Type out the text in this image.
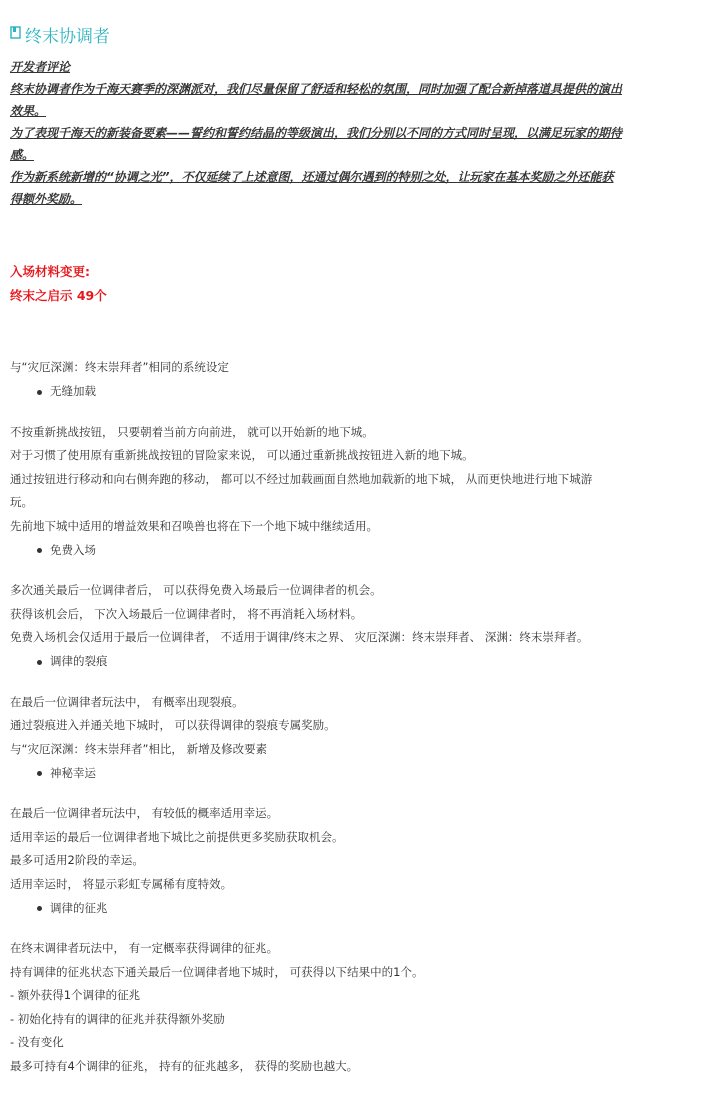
终末协调者

开发者评论

终末协调者作为千海天赛季的深渊派对，我们尽量保留了舒适和轻松的氛围，同时加强了配合新掉落道具提供的演出

效果。

为了表现千海天的新装备要素——誓约和誓约结晶的等级演出，我们分别以不同的方式同时呈现，以满足玩家的期待

感。

作为新系统新增的“协调之光”，不仅延续了上述意图，还通过偶尔遇到的特别之处，让玩家在基本奖励之外还能获

得额外奖励。

入场材料变更:

终末之启示 49个

与“灾厄深渊：终末崇拜者”相同的系统设定

无缝加载

不按重新挑战按钮， 只要朝着当前方向前进， 就可以开始新的地下城。

对于习惯了使用原有重新挑战按钮的冒险家来说， 可以通过重新挑战按钮进入新的地下城。

通过按钮进行移动和向右侧奔跑的移动， 都可以不经过加载画面自然地加载新的地下城， 从而更快地进行地下城游

玩。

先前地下城中适用的增益效果和召唤兽也将在下一个地下城中继续适用。

免费入场

多次通关最后一位调律者后， 可以获得免费入场最后一位调律者的机会。

获得该机会后， 下次入场最后一位调律者时， 将不再消耗入场材料。

免费入场机会仅适用于最后一位调律者， 不适用于调律/终末之界、 灾厄深渊：终末崇拜者、 深渊：终末崇拜者。

调律的裂痕

在最后一位调律者玩法中， 有概率出现裂痕。

通过裂痕进入并通关地下城时， 可以获得调律的裂痕专属奖励。

与“灾厄深渊：终末崇拜者”相比， 新增及修改要素

神秘幸运

在最后一位调律者玩法中， 有较低的概率适用幸运。

适用幸运的最后一位调律者地下城比之前提供更多奖励获取机会。

最多可适用2阶段的幸运。

适用幸运时， 将显示彩虹专属稀有度特效。

调律的征兆

在终末调律者玩法中， 有一定概率获得调律的征兆。

持有调律的征兆状态下通关最后一位调律者地下城时， 可获得以下结果中的1个。

- 额外获得1个调律的征兆

- 初始化持有的调律的征兆并获得额外奖励

- 没有变化

最多可持有4个调律的征兆， 持有的征兆越多， 获得的奖励也越大。
